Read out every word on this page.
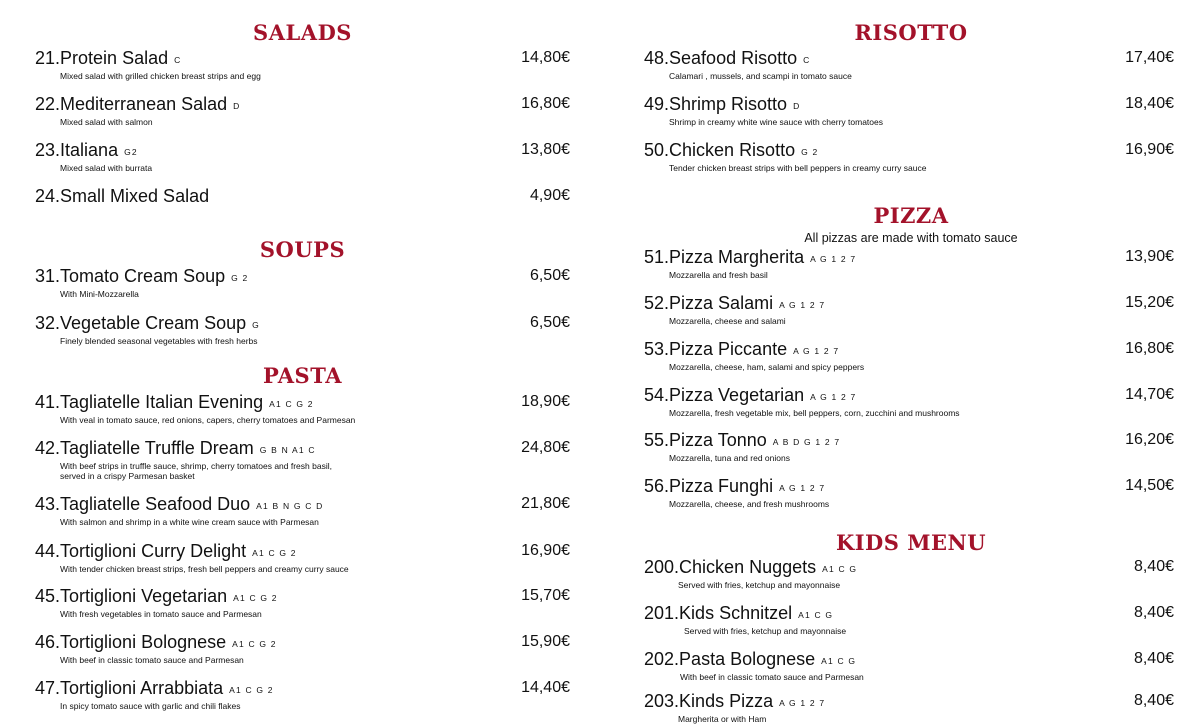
SALADS
21.Protein Salad C
Mixed salad with grilled chicken breast strips and egg
14,80€
22.Mediterranean Salad D
Mixed salad with salmon
16,80€
23.Italiana G2
Mixed salad with burrata
13,80€
24.Small Mixed Salad	4,90€
SOUPS
31.Tomato Cream Soup G 2
With Mini-Mozzarella
6,50€
32.Vegetable Cream Soup G
Finely blended seasonal vegetables with fresh herbs
6,50€
PASTA
41.Tagliatelle Italian Evening A1 C G 2
With veal in tomato sauce, red onions, capers, cherry tomatoes and Parmesan
18,90€
42.Tagliatelle Truffle Dream G B N A1 C
With beef strips in truffle sauce, shrimp, cherry tomatoes and fresh basil,
served in a crispy Parmesan basket
24,80€
43.Tagliatelle Seafood Duo A1 B N G C D
With salmon and shrimp in a white wine cream sauce with Parmesan
21,80€
44.Tortiglioni Curry Delight A1 C G 2
With tender chicken breast strips, fresh bell peppers and creamy curry sauce
16,90€
45.Tortiglioni Vegetarian A1 C G 2
With fresh vegetables in tomato sauce and Parmesan
15,70€
46.Tortiglioni Bolognese A1 C G 2
With beef in classic tomato sauce and Parmesan
15,90€
47.Tortiglioni Arrabbiata A1 C G 2
In spicy tomato sauce with garlic and chili flakes
14,40€
RISOTTO
48.Seafood Risotto C
Calamari , mussels, and scampi in tomato sauce
17,40€
49.Shrimp Risotto D
Shrimp in creamy white wine sauce with cherry tomatoes
18,40€
50.Chicken Risotto G 2
Tender chicken breast strips with bell peppers in creamy curry sauce
16,90€
PIZZA
All pizzas are made with tomato sauce
51.Pizza Margherita A G 1 2 7
Mozzarella and fresh basil
13,90€
52.Pizza Salami A G 1 2 7
Mozzarella, cheese and salami
15,20€
53.Pizza Piccante A G 1 2 7
Mozzarella, cheese, ham, salami and spicy peppers
16,80€
54.Pizza Vegetarian A G 1 2 7
Mozzarella, fresh vegetable mix, bell peppers, corn, zucchini and mushrooms
14,70€
55.Pizza Tonno A B D G 1 2 7
Mozzarella, tuna and red onions
16,20€
56.Pizza Funghi A G 1 2 7
Mozzarella, cheese, and fresh mushrooms
14,50€
KIDS MENU
200.Chicken Nuggets A1 C G
Served with fries, ketchup and mayonnaise
8,40€
201.Kids Schnitzel A1 C G
Served with fries, ketchup and mayonnaise
8,40€
202.Pasta Bolognese A1 C G
With beef in classic tomato sauce and Parmesan
8,40€
203.Kinds Pizza A G 1 2 7
Margherita or with Ham
8,40€
